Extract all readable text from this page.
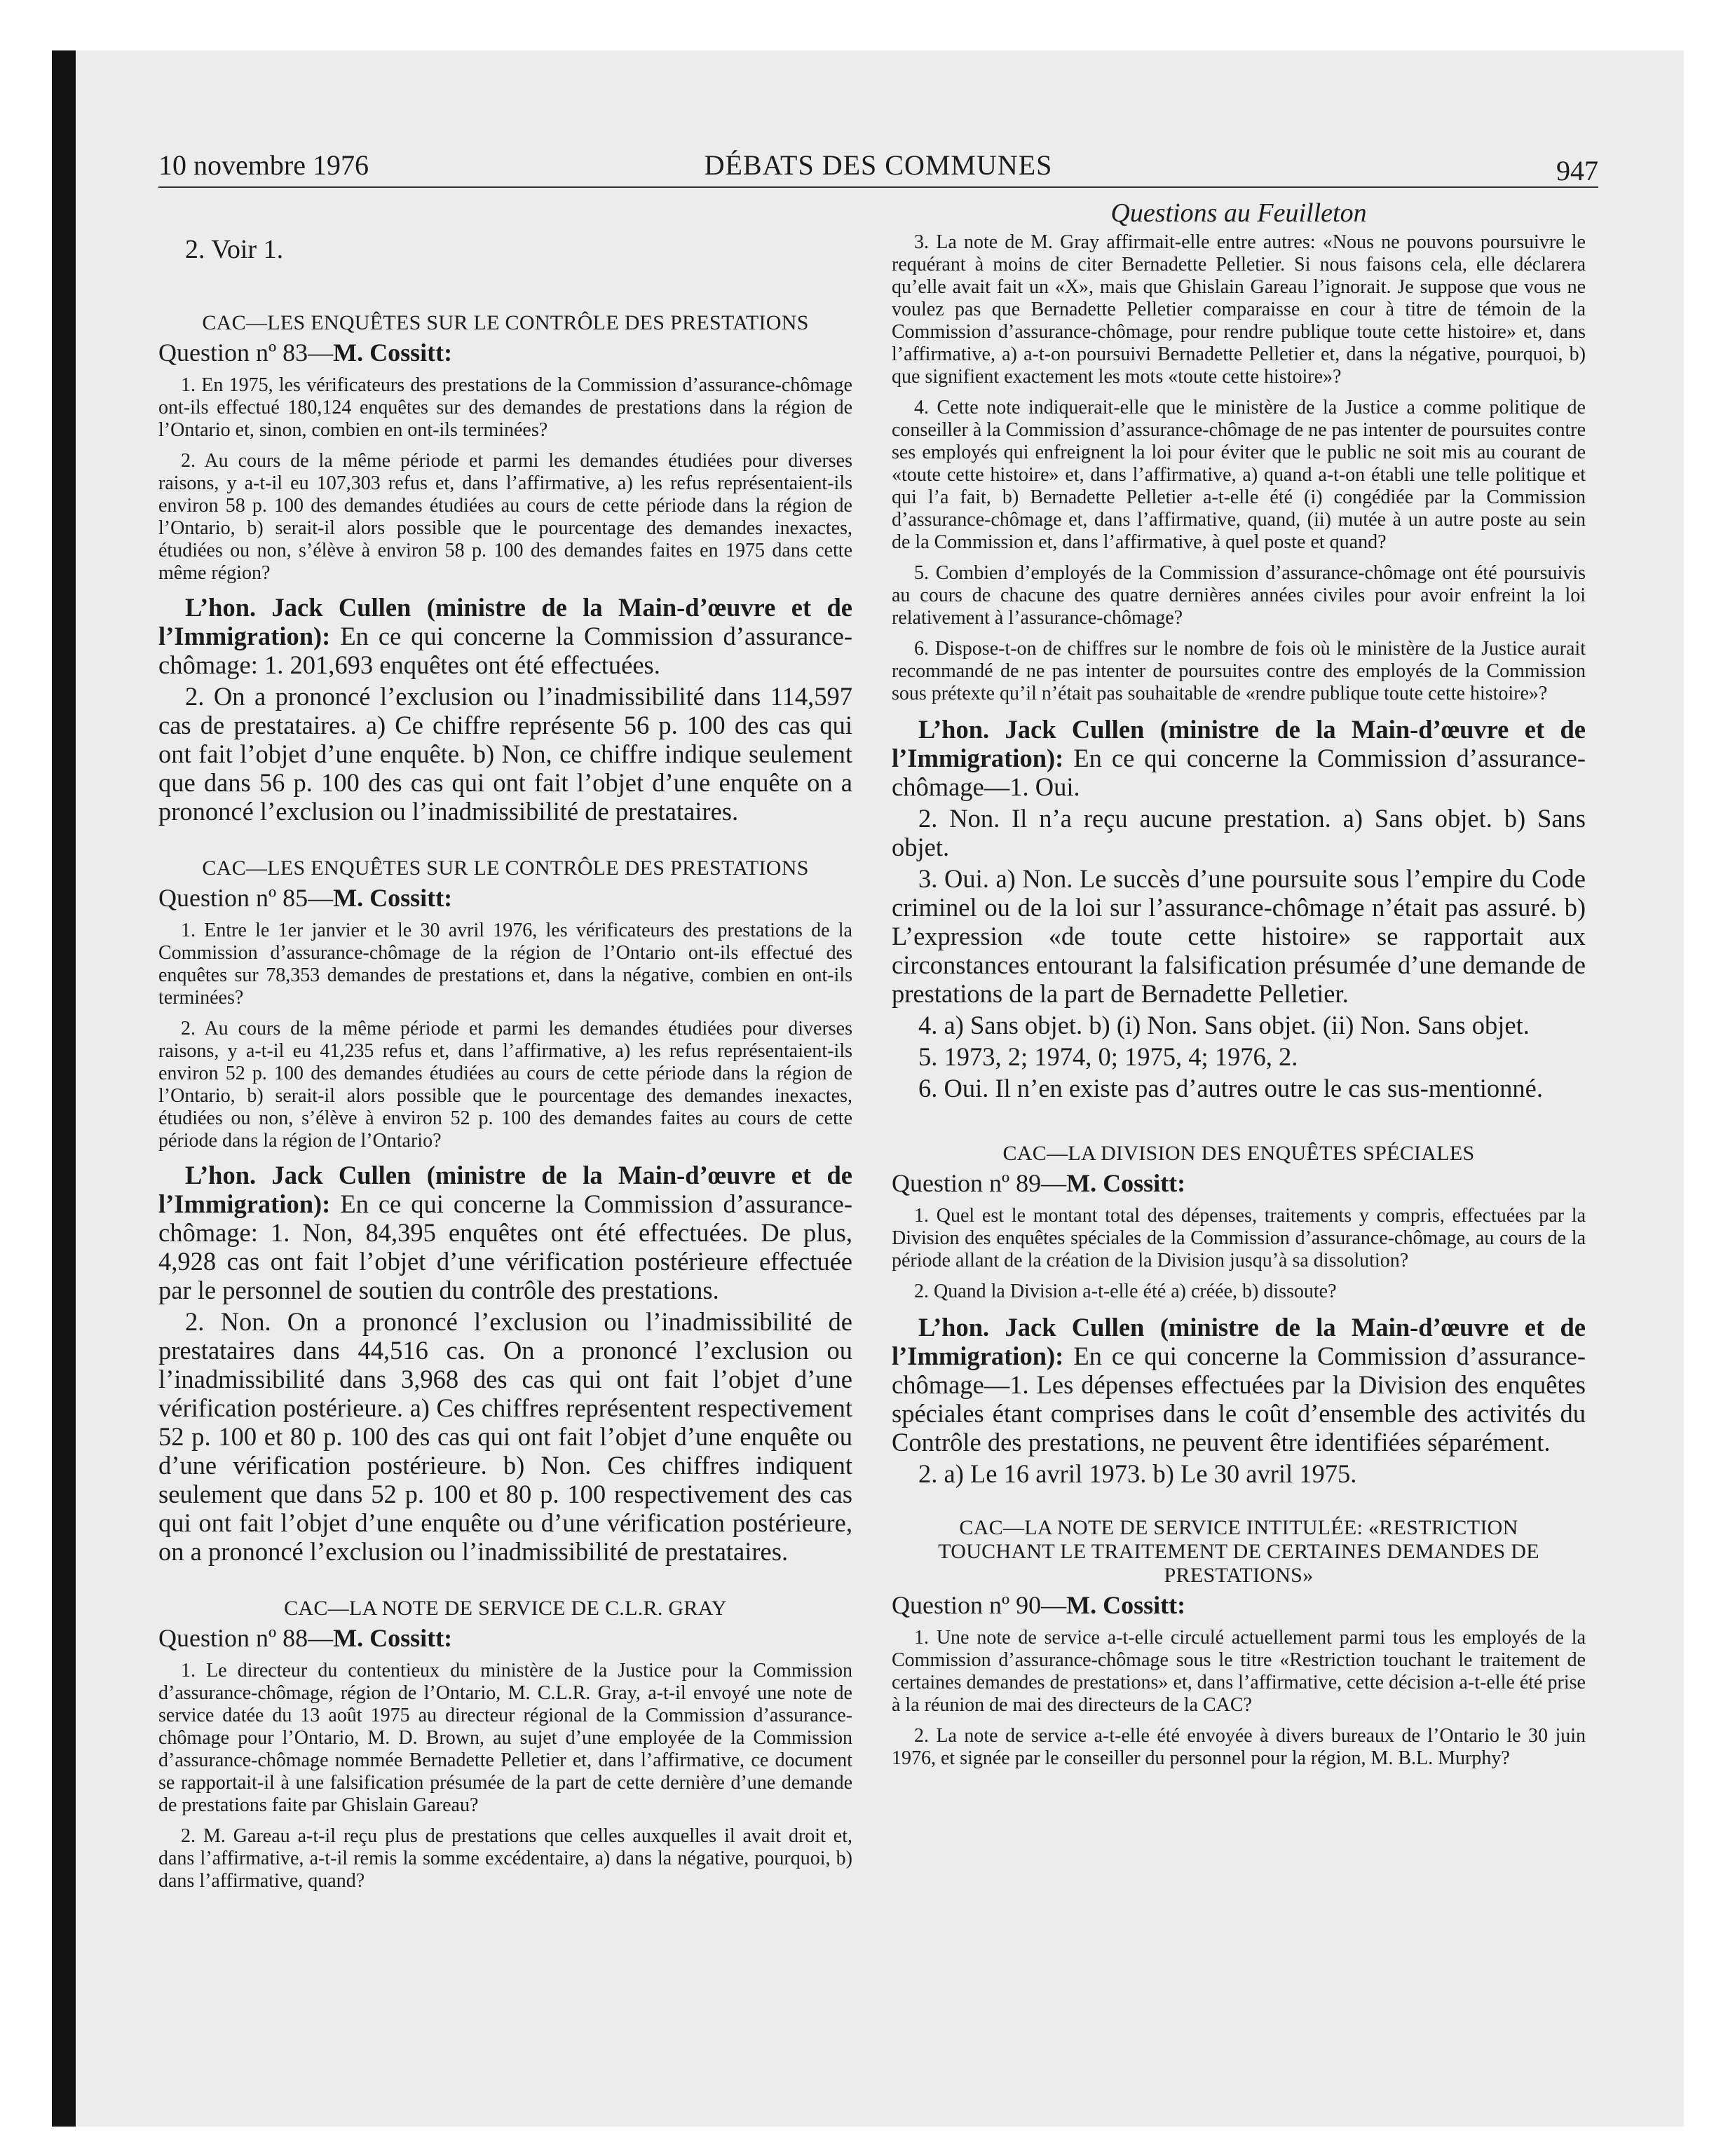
10 novembre 1976	DÉBATS DES COMMUNES	947

2. Voir 1.

CAC—LES ENQUÊTES SUR LE CONTRÔLE DES PRESTATIONS

Question nº 83—M. Cossitt:

1. En 1975, les vérificateurs des prestations de la Commission d’assurance-chômage ont-ils effectué 180,124 enquêtes sur des demandes de prestations dans la région de l’Ontario et, sinon, combien en ont-ils terminées?

2. Au cours de la même période et parmi les demandes étudiées pour diverses raisons, y a-t-il eu 107,303 refus et, dans l’affirmative, a) les refus représentaient-ils environ 58 p. 100 des demandes étudiées au cours de cette période dans la région de l’Ontario, b) serait-il alors possible que le pourcentage des demandes inexactes, étudiées ou non, s’élève à environ 58 p. 100 des demandes faites en 1975 dans cette même région?

L’hon. Jack Cullen (ministre de la Main-d’œuvre et de l’Immigration): En ce qui concerne la Commission d’assurance-chômage: 1. 201,693 enquêtes ont été effectuées.

2. On a prononcé l’exclusion ou l’inadmissibilité dans 114,597 cas de prestataires. a) Ce chiffre représente 56 p. 100 des cas qui ont fait l’objet d’une enquête. b) Non, ce chiffre indique seulement que dans 56 p. 100 des cas qui ont fait l’objet d’une enquête on a prononcé l’exclusion ou l’inadmissibilité de prestataires.

CAC—LES ENQUÊTES SUR LE CONTRÔLE DES PRESTATIONS

Question nº 85—M. Cossitt:

1. Entre le 1er janvier et le 30 avril 1976, les vérificateurs des prestations de la Commission d’assurance-chômage de la région de l’Ontario ont-ils effectué des enquêtes sur 78,353 demandes de prestations et, dans la négative, combien en ont-ils terminées?

2. Au cours de la même période et parmi les demandes étudiées pour diverses raisons, y a-t-il eu 41,235 refus et, dans l’affirmative, a) les refus représentaient-ils environ 52 p. 100 des demandes étudiées au cours de cette période dans la région de l’Ontario, b) serait-il alors possible que le pourcentage des demandes inexactes, étudiées ou non, s’élève à environ 52 p. 100 des demandes faites au cours de cette période dans la région de l’Ontario?

L’hon. Jack Cullen (ministre de la Main-d’œuvre et de l’Immigration): En ce qui concerne la Commission d’assurance-chômage: 1. Non, 84,395 enquêtes ont été effectuées. De plus, 4,928 cas ont fait l’objet d’une vérification postérieure effectuée par le personnel de soutien du contrôle des prestations.

2. Non. On a prononcé l’exclusion ou l’inadmissibilité de prestataires dans 44,516 cas. On a prononcé l’exclusion ou l’inadmissibilité dans 3,968 des cas qui ont fait l’objet d’une vérification postérieure. a) Ces chiffres représentent respectivement 52 p. 100 et 80 p. 100 des cas qui ont fait l’objet d’une enquête ou d’une vérification postérieure. b) Non. Ces chiffres indiquent seulement que dans 52 p. 100 et 80 p. 100 respectivement des cas qui ont fait l’objet d’une enquête ou d’une vérification postérieure, on a prononcé l’exclusion ou l’inadmissibilité de prestataires.

CAC—LA NOTE DE SERVICE DE C.L.R. GRAY

Question nº 88—M. Cossitt:

1. Le directeur du contentieux du ministère de la Justice pour la Commission d’assurance-chômage, région de l’Ontario, M. C.L.R. Gray, a-t-il envoyé une note de service datée du 13 août 1975 au directeur régional de la Commission d’assurance-chômage pour l’Ontario, M. D. Brown, au sujet d’une employée de la Commission d’assurance-chômage nommée Bernadette Pelletier et, dans l’affirmative, ce document se rapportait-il à une falsification présumée de la part de cette dernière d’une demande de prestations faite par Ghislain Gareau?

2. M. Gareau a-t-il reçu plus de prestations que celles auxquelles il avait droit et, dans l’affirmative, a-t-il remis la somme excédentaire, a) dans la négative, pourquoi, b) dans l’affirmative, quand?

Questions au Feuilleton

3. La note de M. Gray affirmait-elle entre autres: «Nous ne pouvons poursuivre le requérant à moins de citer Bernadette Pelletier. Si nous faisons cela, elle déclarera qu’elle avait fait un «X», mais que Ghislain Gareau l’ignorait. Je suppose que vous ne voulez pas que Bernadette Pelletier comparaisse en cour à titre de témoin de la Commission d’assurance-chômage, pour rendre publique toute cette histoire» et, dans l’affirmative, a) a-t-on poursuivi Bernadette Pelletier et, dans la négative, pourquoi, b) que signifient exactement les mots «toute cette histoire»?

4. Cette note indiquerait-elle que le ministère de la Justice a comme politique de conseiller à la Commission d’assurance-chômage de ne pas intenter de poursuites contre ses employés qui enfreignent la loi pour éviter que le public ne soit mis au courant de «toute cette histoire» et, dans l’affirmative, a) quand a-t-on établi une telle politique et qui l’a fait, b) Bernadette Pelletier a-t-elle été (i) congédiée par la Commission d’assurance-chômage et, dans l’affirmative, quand, (ii) mutée à un autre poste au sein de la Commission et, dans l’affirmative, à quel poste et quand?

5. Combien d’employés de la Commission d’assurance-chômage ont été poursuivis au cours de chacune des quatre dernières années civiles pour avoir enfreint la loi relativement à l’assurance-chômage?

6. Dispose-t-on de chiffres sur le nombre de fois où le ministère de la Justice aurait recommandé de ne pas intenter de poursuites contre des employés de la Commission sous prétexte qu’il n’était pas souhaitable de «rendre publique toute cette histoire»?

L’hon. Jack Cullen (ministre de la Main-d’œuvre et de l’Immigration): En ce qui concerne la Commission d’assurance-chômage—1. Oui.

2. Non. Il n’a reçu aucune prestation. a) Sans objet. b) Sans objet.

3. Oui. a) Non. Le succès d’une poursuite sous l’empire du Code criminel ou de la loi sur l’assurance-chômage n’était pas assuré. b) L’expression «de toute cette histoire» se rapportait aux circonstances entourant la falsification présumée d’une demande de prestations de la part de Bernadette Pelletier.

4. a) Sans objet. b) (i) Non. Sans objet. (ii) Non. Sans objet.

5. 1973, 2; 1974, 0; 1975, 4; 1976, 2.

6. Oui. Il n’en existe pas d’autres outre le cas sus-mentionné.

CAC—LA DIVISION DES ENQUÊTES SPÉCIALES

Question nº 89—M. Cossitt:

1. Quel est le montant total des dépenses, traitements y compris, effectuées par la Division des enquêtes spéciales de la Commission d’assurance-chômage, au cours de la période allant de la création de la Division jusqu’à sa dissolution?

2. Quand la Division a-t-elle été a) créée, b) dissoute?

L’hon. Jack Cullen (ministre de la Main-d’œuvre et de l’Immigration): En ce qui concerne la Commission d’assurance-chômage—1. Les dépenses effectuées par la Division des enquêtes spéciales étant comprises dans le coût d’ensemble des activités du Contrôle des prestations, ne peuvent être identifiées séparément.

2. a) Le 16 avril 1973. b) Le 30 avril 1975.

CAC—LA NOTE DE SERVICE INTITULÉE: «RESTRICTION TOUCHANT LE TRAITEMENT DE CERTAINES DEMANDES DE PRESTATIONS»

Question nº 90—M. Cossitt:

1. Une note de service a-t-elle circulé actuellement parmi tous les employés de la Commission d’assurance-chômage sous le titre «Restriction touchant le traitement de certaines demandes de prestations» et, dans l’affirmative, cette décision a-t-elle été prise à la réunion de mai des directeurs de la CAC?

2. La note de service a-t-elle été envoyée à divers bureaux de l’Ontario le 30 juin 1976, et signée par le conseiller du personnel pour la région, M. B.L. Murphy?
